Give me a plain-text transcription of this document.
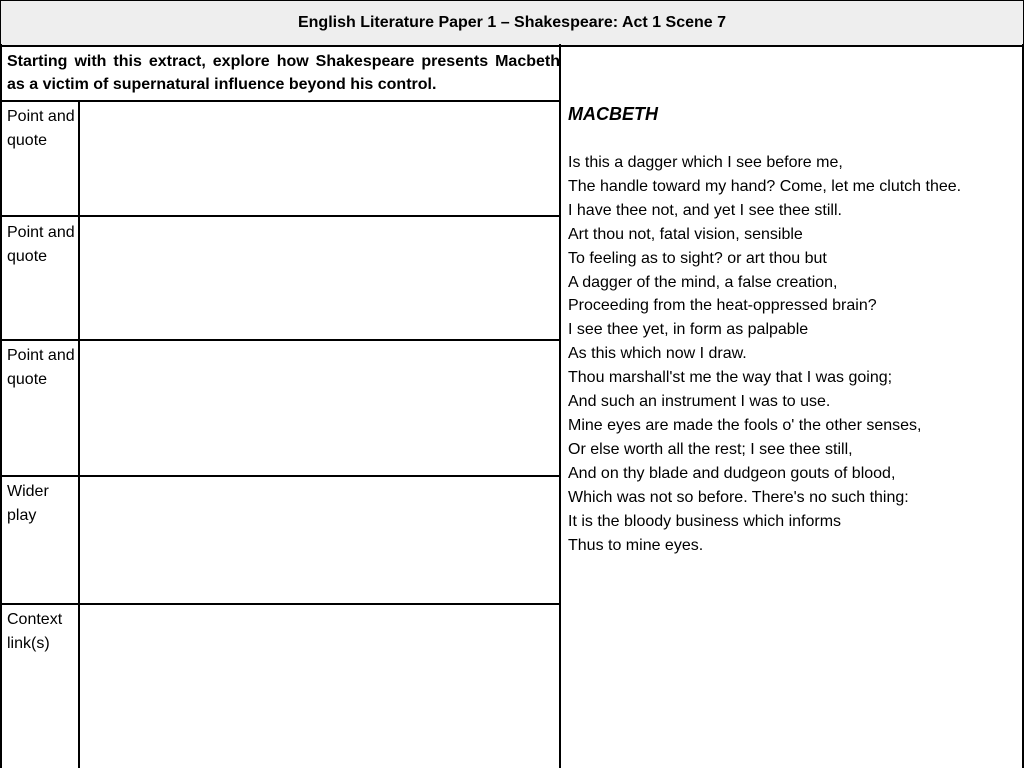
English Literature Paper 1 – Shakespeare: Act 1 Scene 7
Starting with this extract, explore how Shakespeare presents Macbeth as a victim of supernatural influence beyond his control.
Point and quote
Point and quote
Point and quote
Wider play
Context link(s)
MACBETH
Is this a dagger which I see before me,
The handle toward my hand? Come, let me clutch thee.
I have thee not, and yet I see thee still.
Art thou not, fatal vision, sensible
To feeling as to sight? or art thou but
A dagger of the mind, a false creation,
Proceeding from the heat-oppressed brain?
I see thee yet, in form as palpable
As this which now I draw.
Thou marshall'st me the way that I was going;
And such an instrument I was to use.
Mine eyes are made the fools o' the other senses,
Or else worth all the rest; I see thee still,
And on thy blade and dudgeon gouts of blood,
Which was not so before. There's no such thing:
It is the bloody business which informs
Thus to mine eyes.
